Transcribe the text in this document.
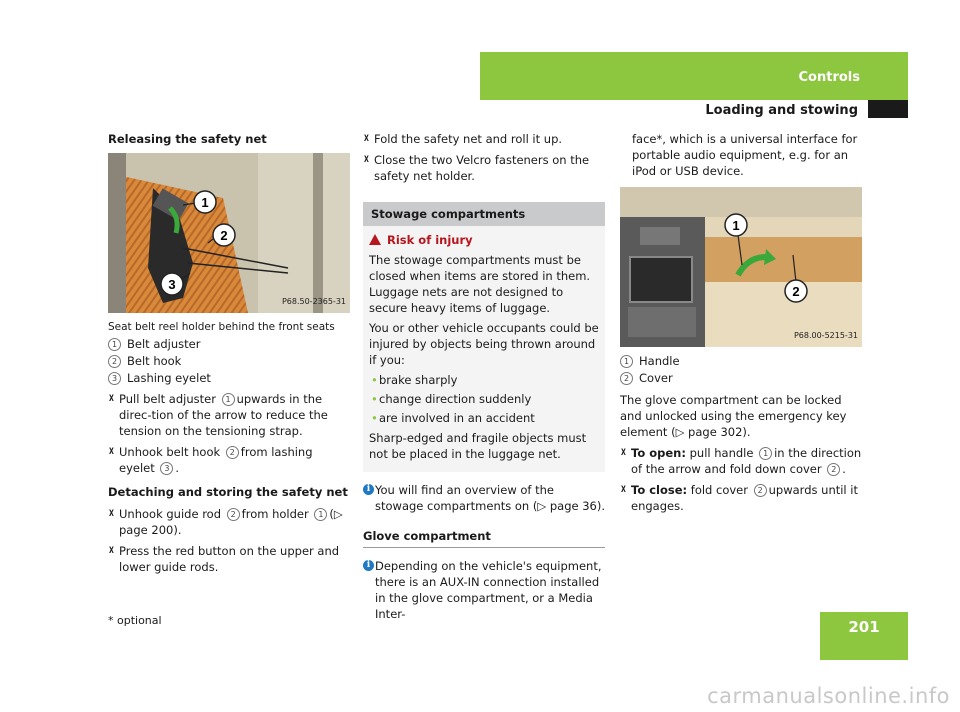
Controls
Loading and stowing
Releasing the safety net
1
2
3
P68.50-2365-31
Seat belt reel holder behind the front seats
1 Belt adjuster
2 Belt hook
3 Lashing eyelet
X Pull belt adjuster 1 upwards in the direc-tion of the arrow to reduce the tension on the tensioning strap.
X Unhook belt hook 2 from lashing eyelet 3 .
Detaching and storing the safety net
X Unhook guide rod 2 from holder 1 (▷ page 200).
X Press the red button on the upper and lower guide rods.
X Fold the safety net and roll it up.
X Close the two Velcro fasteners on the safety net holder.
Stowage compartments
Risk of injury

The stowage compartments must be closed when items are stored in them. Luggage nets are not designed to secure heavy items of luggage.

You or other vehicle occupants could be injured by objects being thrown around if you:

• brake sharply
• change direction suddenly
• are involved in an accident

Sharp-edged and fragile objects must not be placed in the luggage net.

i You will find an overview of the stowage compartments on (▷ page 36).
Glove compartment
i Depending on the vehicle's equipment, there is an AUX-IN connection installed in the glove compartment, or a Media Inter-
face*, which is a universal interface for portable audio equipment, e.g. for an iPod or USB device.
1
2
P68.00-5215-31
1 Handle
2 Cover

The glove compartment can be locked and unlocked using the emergency key element (▷ page 302).

X To open: pull handle 1 in the direction of the arrow and fold down cover 2 .
X To close: fold cover 2 upwards until it engages.
* optional	201
carmanualsonline.info
